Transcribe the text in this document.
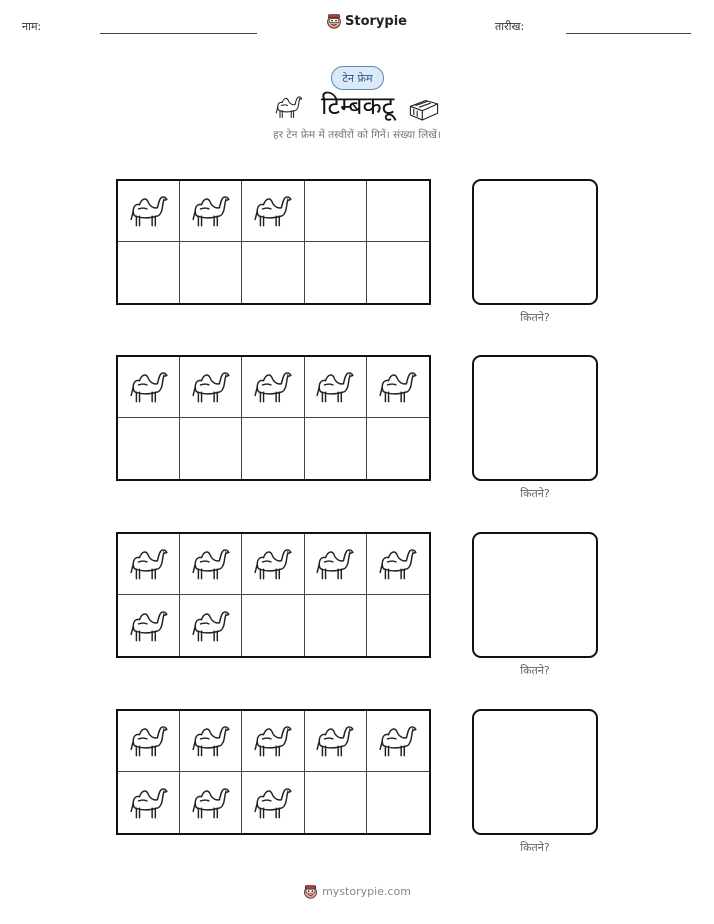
नाम:	Storypie	तारीख:
टेन फ्रेम
टिम्बकटू
हर टेन फ्रेम में तस्वीरों को गिनें। संख्या लिखें।
कितने?
कितने?
कितने?
कितने?
mystorypie.com
